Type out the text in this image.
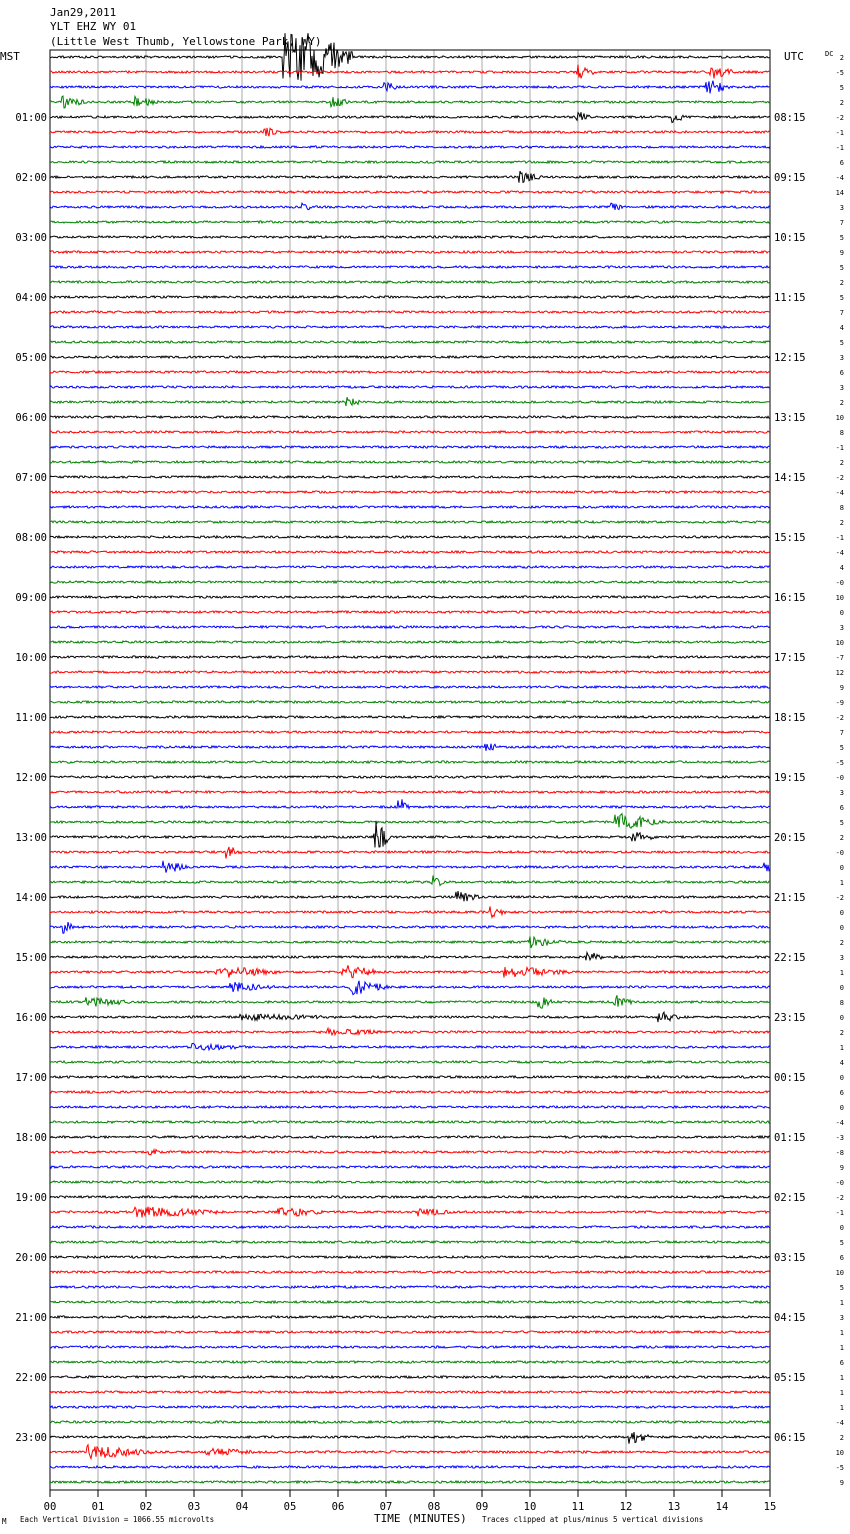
Jan29,2011
YLT EHZ WY 01
(Little West Thumb, Yellowstone Park, WY)
MST	UTC	DC
01:00
02:00
03:00
04:00
05:00
06:00
07:00
08:00
09:00
10:00
11:00
12:00
13:00
14:00
15:00
16:00
17:00
18:00
19:00
20:00
21:00
22:00
23:00
08:15
09:15
10:15
11:15
12:15
13:15
14:15
15:15
16:15
17:15
18:15
19:15
20:15
21:15
22:15
23:15
00:15
01:15
02:15
03:15
04:15
05:15
06:15
2
-5
5
2
-2
-1
-1
6
-4
14
3
7
5
9
5
2
5
7
4
5
3
6
3
2
10
8
-1
2
-2
-4
8
2
-1
-4
4
-0
10
0
3
10
-7
12
9
-9
-2
7
5
-5
-0
3
6
5
2
-0
0
1
-2
0
0
2
3
1
0
8
0
2
1
4
0
6
0
-4
-3
-8
9
-0
-2
-1
0
5
6
10
5
1
3
1
1
6
1
1
1
-4
2
10
-5
9
00	01	02	03	04	05	06	07	08	09	10	11	12	13	14	15
M Each Vertical Division = 1066.55 microvolts	TIME (MINUTES) Traces clipped at plus/minus 5 vertical divisions
